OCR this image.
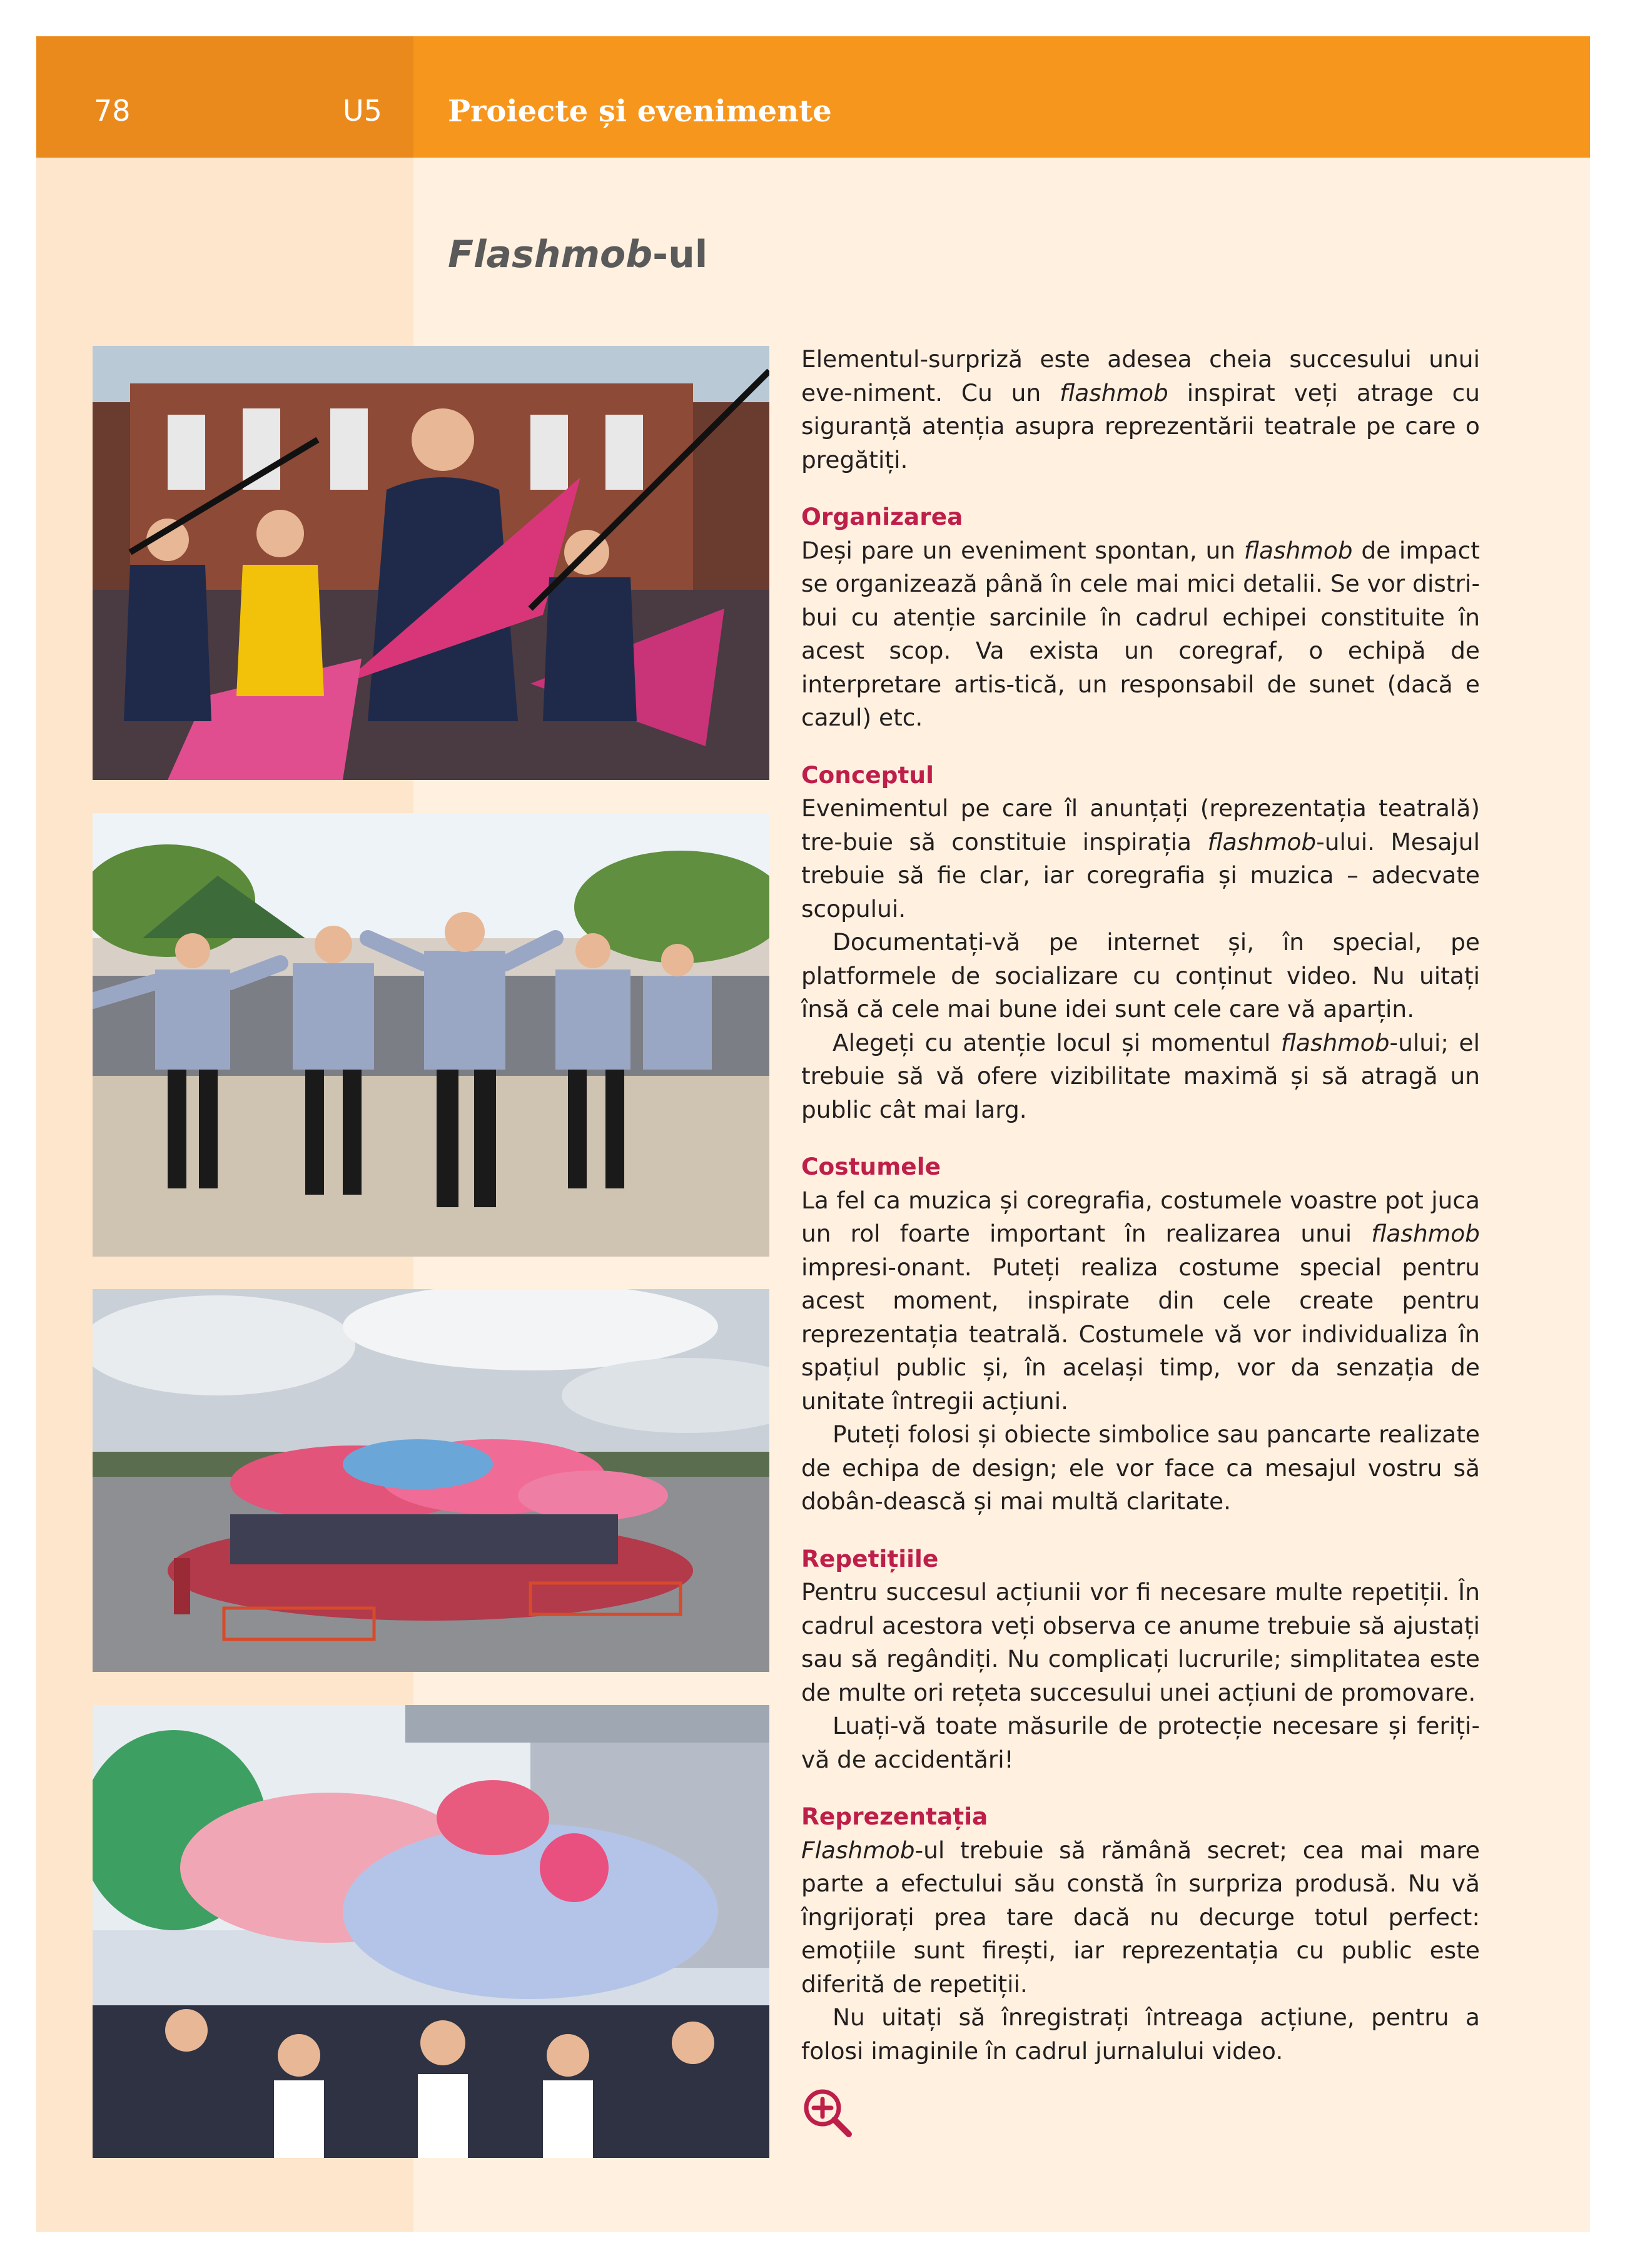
78	U5 Proiecte și evenimente
Flashmob-ul

Elementul-surpriză este adesea cheia succesului unui eve-niment. Cu un flashmob inspirat veți atrage cu siguranță atenția asupra reprezentării teatrale pe care o pregătiți.

Organizarea

Deși pare un eveniment spontan, un flashmob de impact se organizează până în cele mai mici detalii. Se vor distri-bui cu atenție sarcinile în cadrul echipei constituite în acest scop. Va exista un coregraf, o echipă de interpretare artis-tică, un responsabil de sunet (dacă e cazul) etc.

Conceptul

Evenimentul pe care îl anunțați (reprezentația teatrală) tre-buie să constituie inspirația flashmob-ului. Mesajul trebuie să fie clar, iar coregrafia și muzica – adecvate scopului.

Documentați-vă pe internet și, în special, pe platformele de socializare cu conținut video. Nu uitați însă că cele mai bune idei sunt cele care vă aparțin.

Alegeți cu atenție locul și momentul flashmob-ului; el trebuie să vă ofere vizibilitate maximă și să atragă un public cât mai larg.

Costumele

La fel ca muzica și coregrafia, costumele voastre pot juca un rol foarte important în realizarea unui flashmob impresi-onant. Puteți realiza costume special pentru acest moment, inspirate din cele create pentru reprezentația teatrală. Costumele vă vor individualiza în spațiul public și, în același timp, vor da senzația de unitate întregii acțiuni.

Puteți folosi și obiecte simbolice sau pancarte realizate de echipa de design; ele vor face ca mesajul vostru să dobân-dească și mai multă claritate.

Repetițiile

Pentru succesul acțiunii vor fi necesare multe repetiții. În cadrul acestora veți observa ce anume trebuie să ajustați sau să regândiți. Nu complicați lucrurile; simplitatea este de multe ori rețeta succesului unei acțiuni de promovare.

Luați-vă toate măsurile de protecție necesare și feriți-vă de accidentări!

Reprezentația

Flashmob-ul trebuie să rămână secret; cea mai mare parte a efectului său constă în surpriza produsă. Nu vă îngrijorați prea tare dacă nu decurge totul perfect: emoțiile sunt firești, iar reprezentația cu public este diferită de repetiții.

Nu uitați să înregistrați întreaga acțiune, pentru a folosi imaginile în cadrul jurnalului video.
